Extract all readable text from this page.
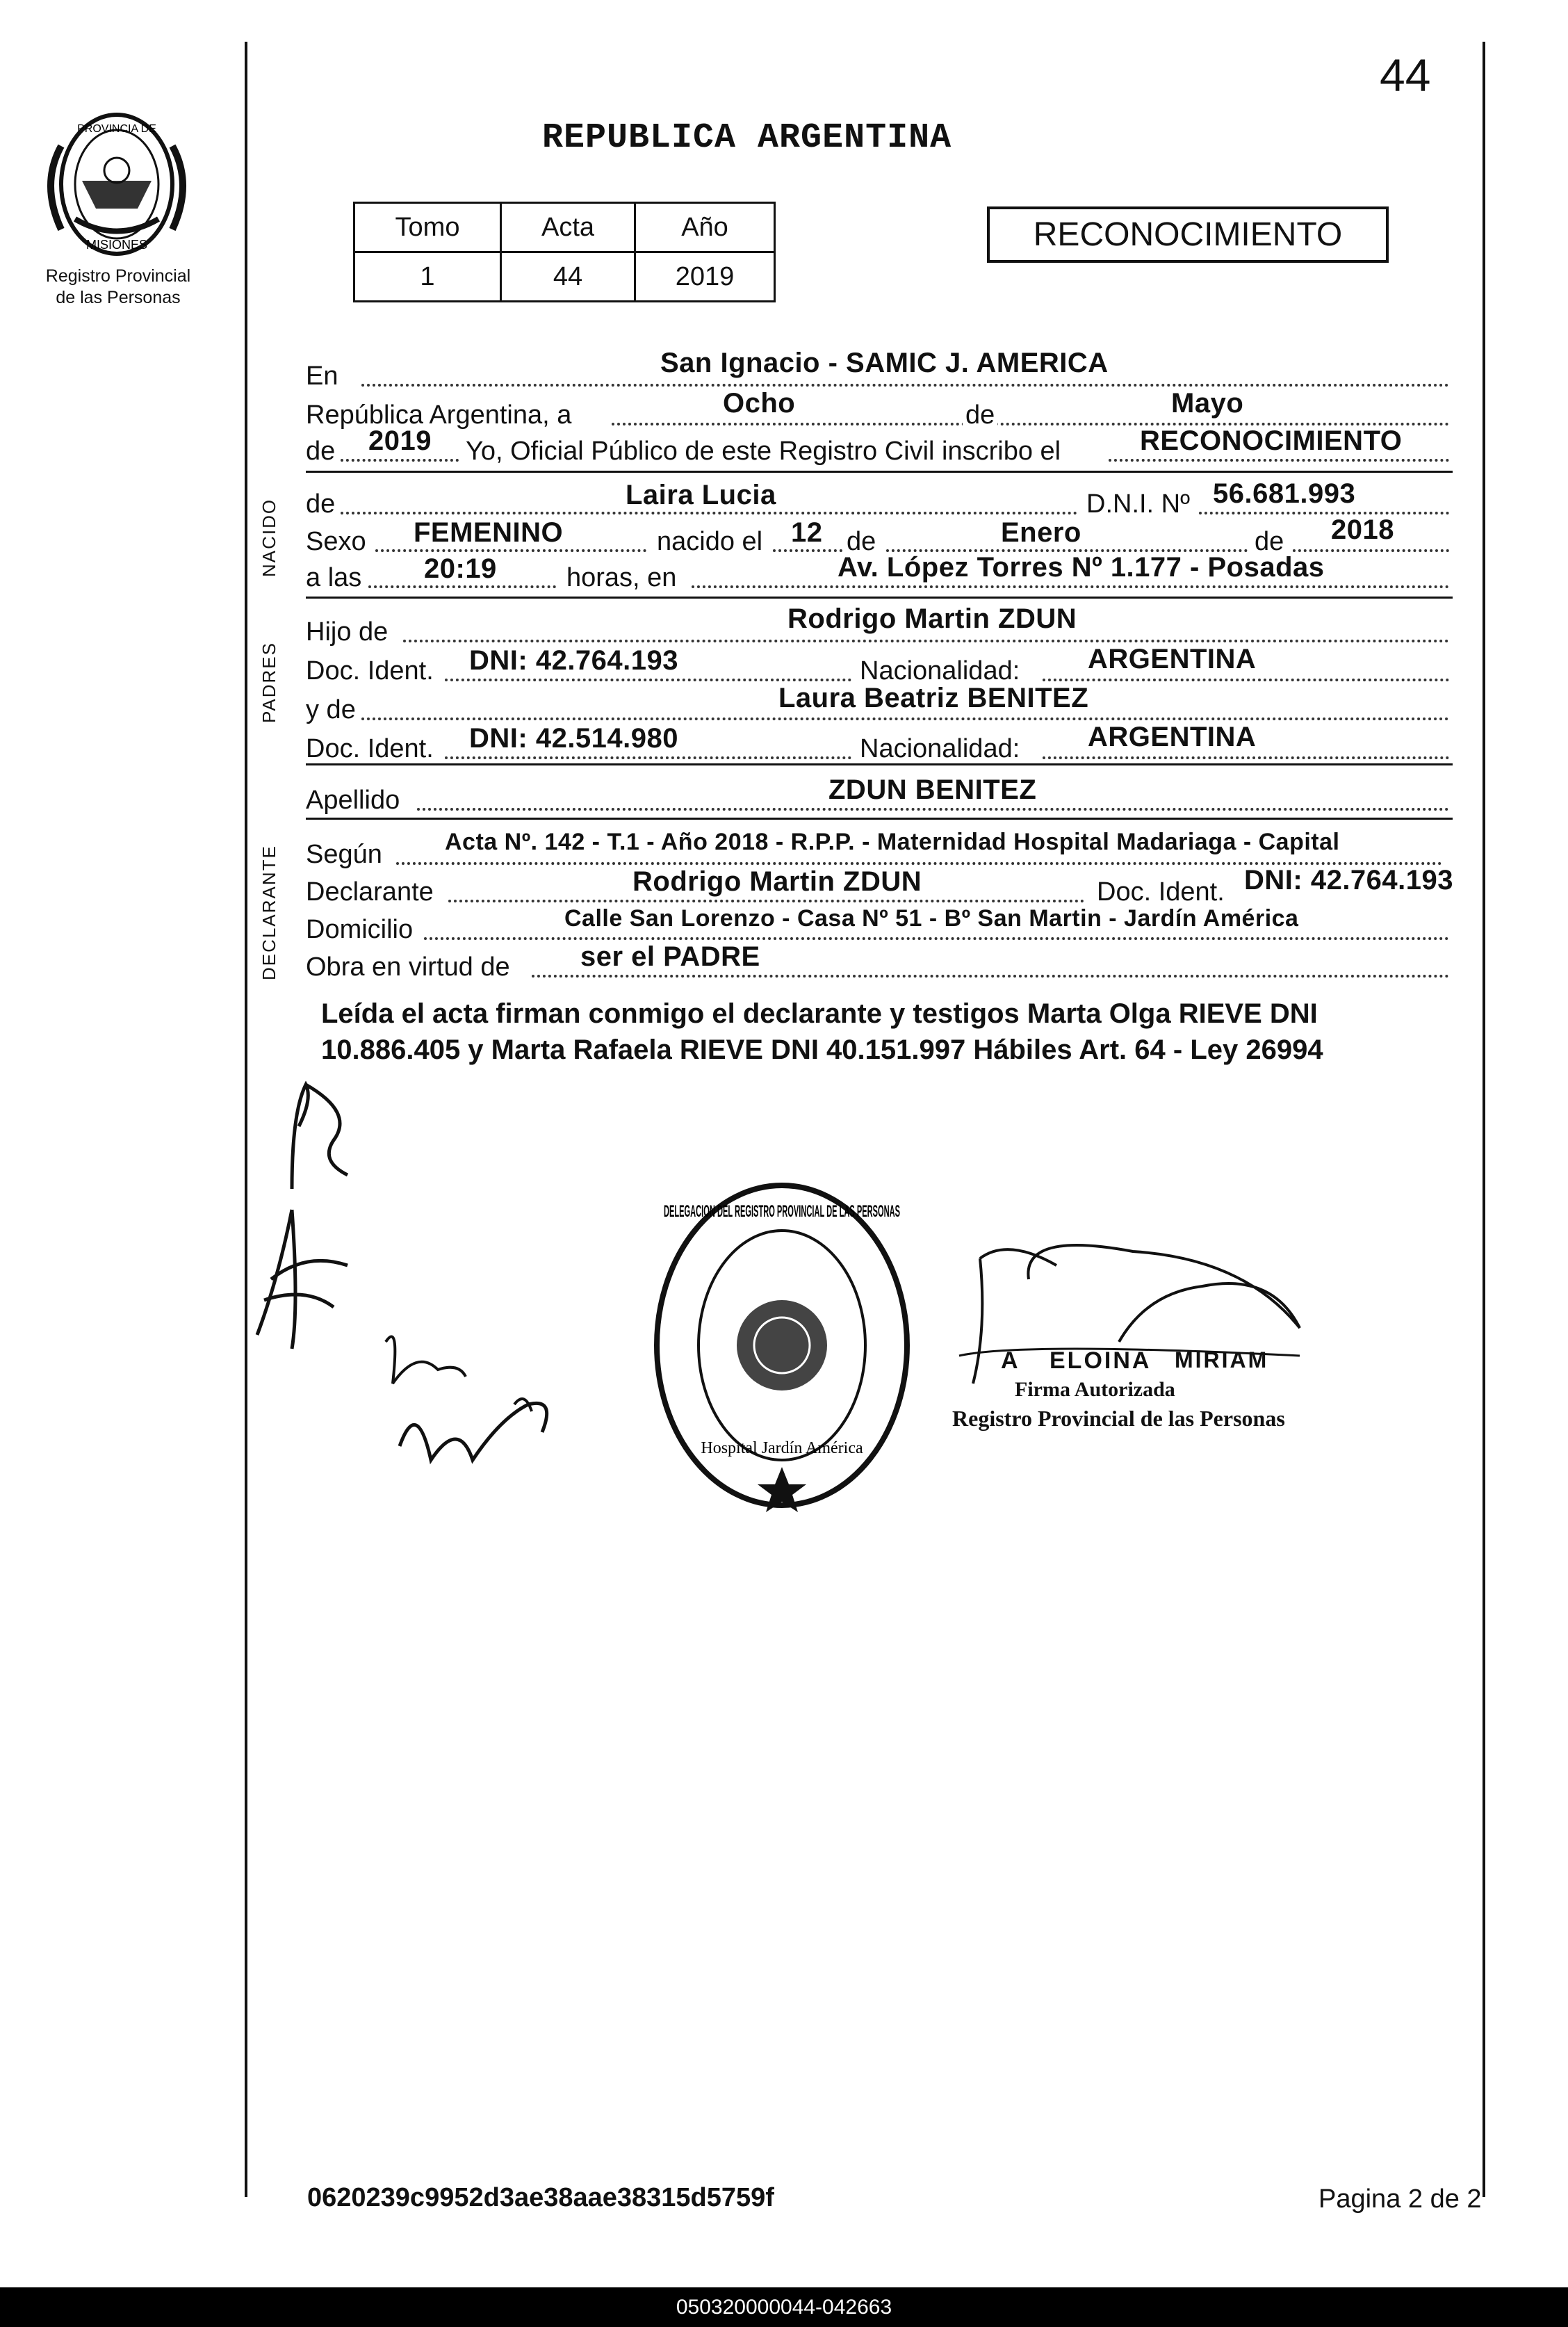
PROVINCIA DE
MISIONES
Registro Provincial
de las Personas
44
REPUBLICA ARGENTINA
Tomo	Acta	Año
1	44	2019
RECONOCIMIENTO
En	San Ignacio - SAMIC J. AMERICA
República Argentina, a	Ocho	de	Mayo
de 2019 Yo, Oficial Público de este Registro Civil inscribo el	RECONOCIMIENTO
NACIDO
PADRES
DECLARANTE
de	Laira Lucia	D.N.I. Nº 56.681.993
Sexo FEMENINO	nacido el 12 de	Enero	de 2018
a las 20:19	horas, en	Av. López Torres Nº 1.177 - Posadas
Hijo de	Rodrigo Martin ZDUN
Doc. Ident. DNI: 42.764.193	Nacionalidad: ARGENTINA
y de	Laura Beatriz BENITEZ
Doc. Ident. DNI: 42.514.980	Nacionalidad: ARGENTINA
Apellido	ZDUN BENITEZ
Según	Acta Nº. 142 - T.1 - Año 2018 - R.P.P. - Maternidad Hospital Madariaga - Capital
Declarante	Rodrigo Martin ZDUN	Doc. Ident. DNI: 42.764.193
Domicilio	Calle San Lorenzo - Casa Nº 51 - Bº San Martin - Jardín América
Obra en virtud de	ser el PADRE
Leída el acta firman conmigo el declarante y testigos Marta Olga RIEVE DNI 10.886.405 y Marta Rafaela RIEVE DNI 40.151.997 Hábiles Art. 64 - Ley 26994
DELEGACION DEL REGISTRO PROVINCIAL DE LAS PERSONAS
Hospital Jardín América
A ELOINA MIRIAM
Firma Autorizada
Registro Provincial de las Personas
0620239c9952d3ae38aae38315d5759f	Pagina 2 de 2
050320000044-042663
